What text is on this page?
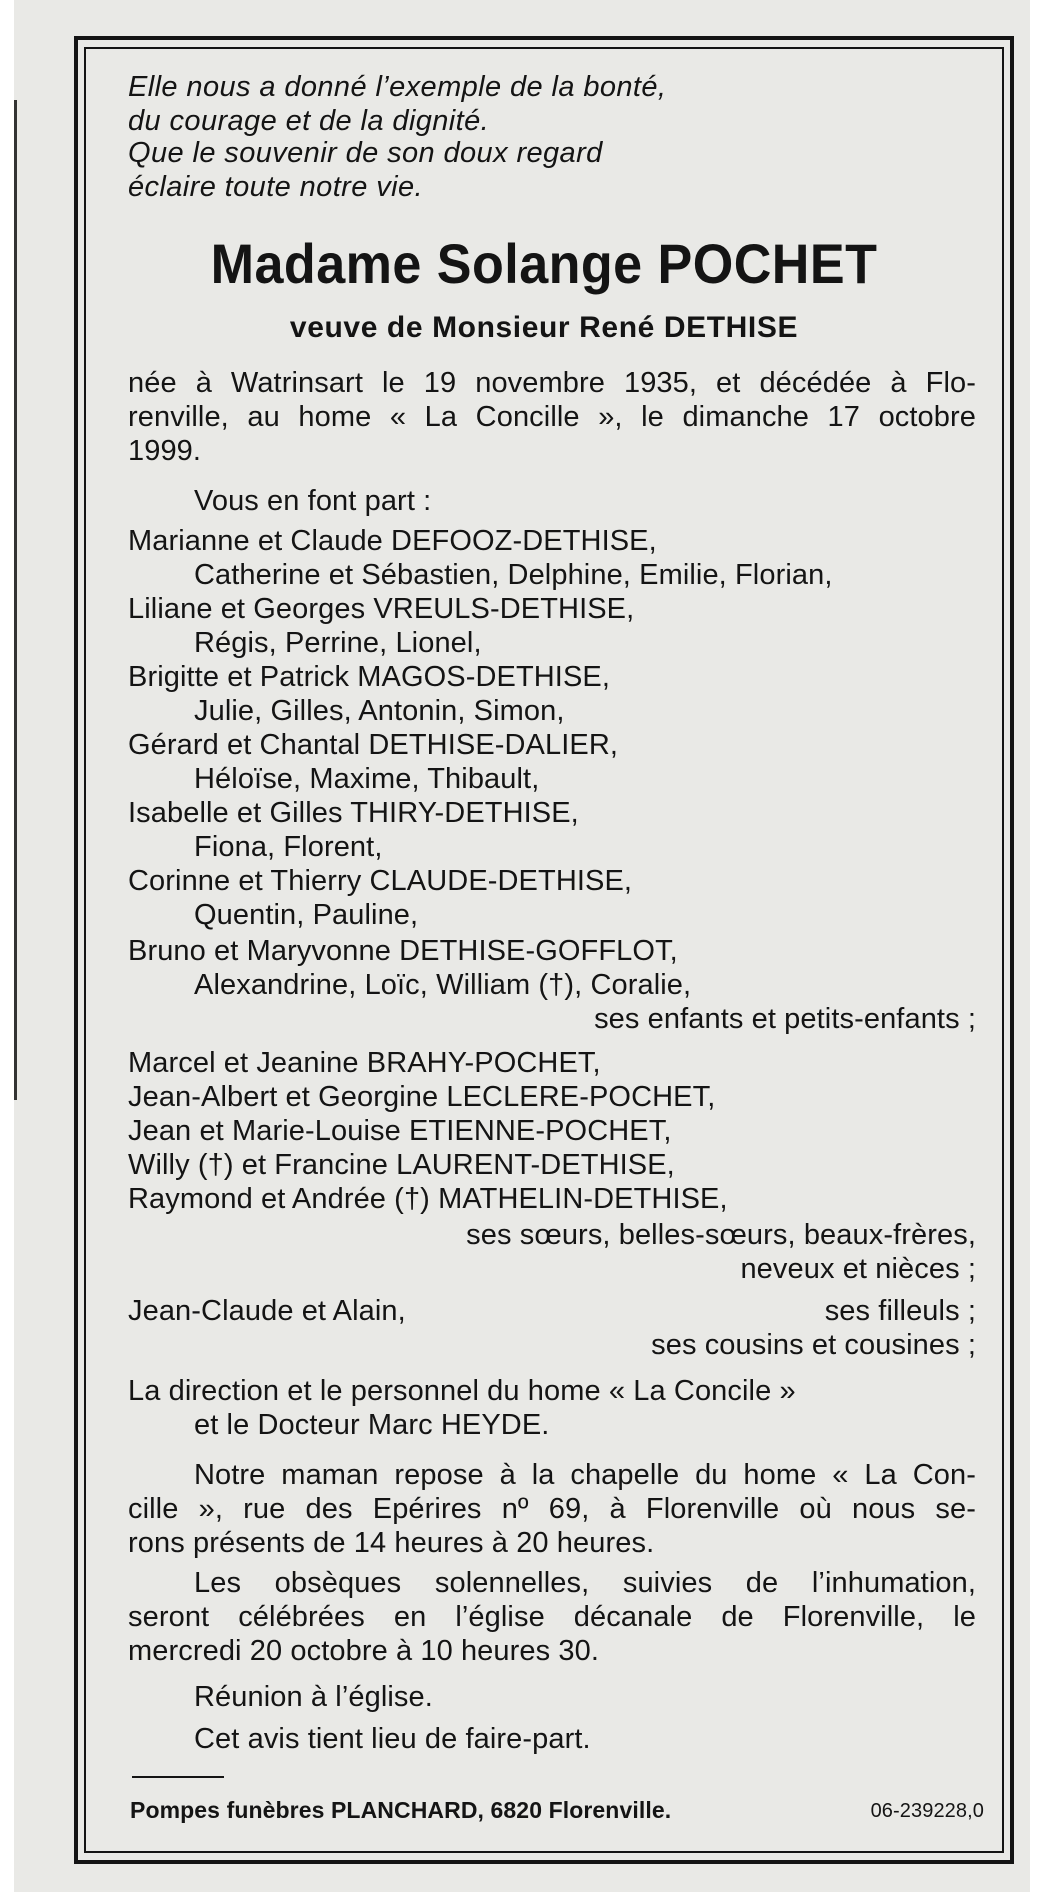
Elle nous a donné l’exemple de la bonté,
du courage et de la dignité.
Que le souvenir de son doux regard
éclaire toute notre vie.
Madame Solange POCHET
veuve de Monsieur René DETHISE
née à Watrinsart le 19 novembre 1935, et décédée à Flo-
renville, au home « La Concille », le dimanche 17 octobre
1999.
Vous en font part :
Marianne et Claude DEFOOZ-DETHISE,
Catherine et Sébastien, Delphine, Emilie, Florian,
Liliane et Georges VREULS-DETHISE,
Régis, Perrine, Lionel,
Brigitte et Patrick MAGOS-DETHISE,
Julie, Gilles, Antonin, Simon,
Gérard et Chantal DETHISE-DALIER,
Héloïse, Maxime, Thibault,
Isabelle et Gilles THIRY-DETHISE,
Fiona, Florent,
Corinne et Thierry CLAUDE-DETHISE,
Quentin, Pauline,
Bruno et Maryvonne DETHISE-GOFFLOT,
Alexandrine, Loïc, William (†), Coralie,
ses enfants et petits-enfants ;
Marcel et Jeanine BRAHY-POCHET,
Jean-Albert et Georgine LECLERE-POCHET,
Jean et Marie-Louise ETIENNE-POCHET,
Willy (†) et Francine LAURENT-DETHISE,
Raymond et Andrée (†) MATHELIN-DETHISE,
ses sœurs, belles-sœurs, beaux-frères,
neveux et nièces ;
Jean-Claude et Alain,	ses filleuls ;
ses cousins et cousines ;
La direction et le personnel du home « La Concile »
et le Docteur Marc HEYDE.
Notre maman repose à la chapelle du home « La Con-
cille », rue des Epérires nº 69, à Florenville où nous se-
rons présents de 14 heures à 20 heures.
Les obsèques solennelles, suivies de l’inhumation,
seront célébrées en l’église décanale de Florenville, le
mercredi 20 octobre à 10 heures 30.
Réunion à l’église.
Cet avis tient lieu de faire-part.
Pompes funèbres PLANCHARD, 6820 Florenville.	06-239228,0
